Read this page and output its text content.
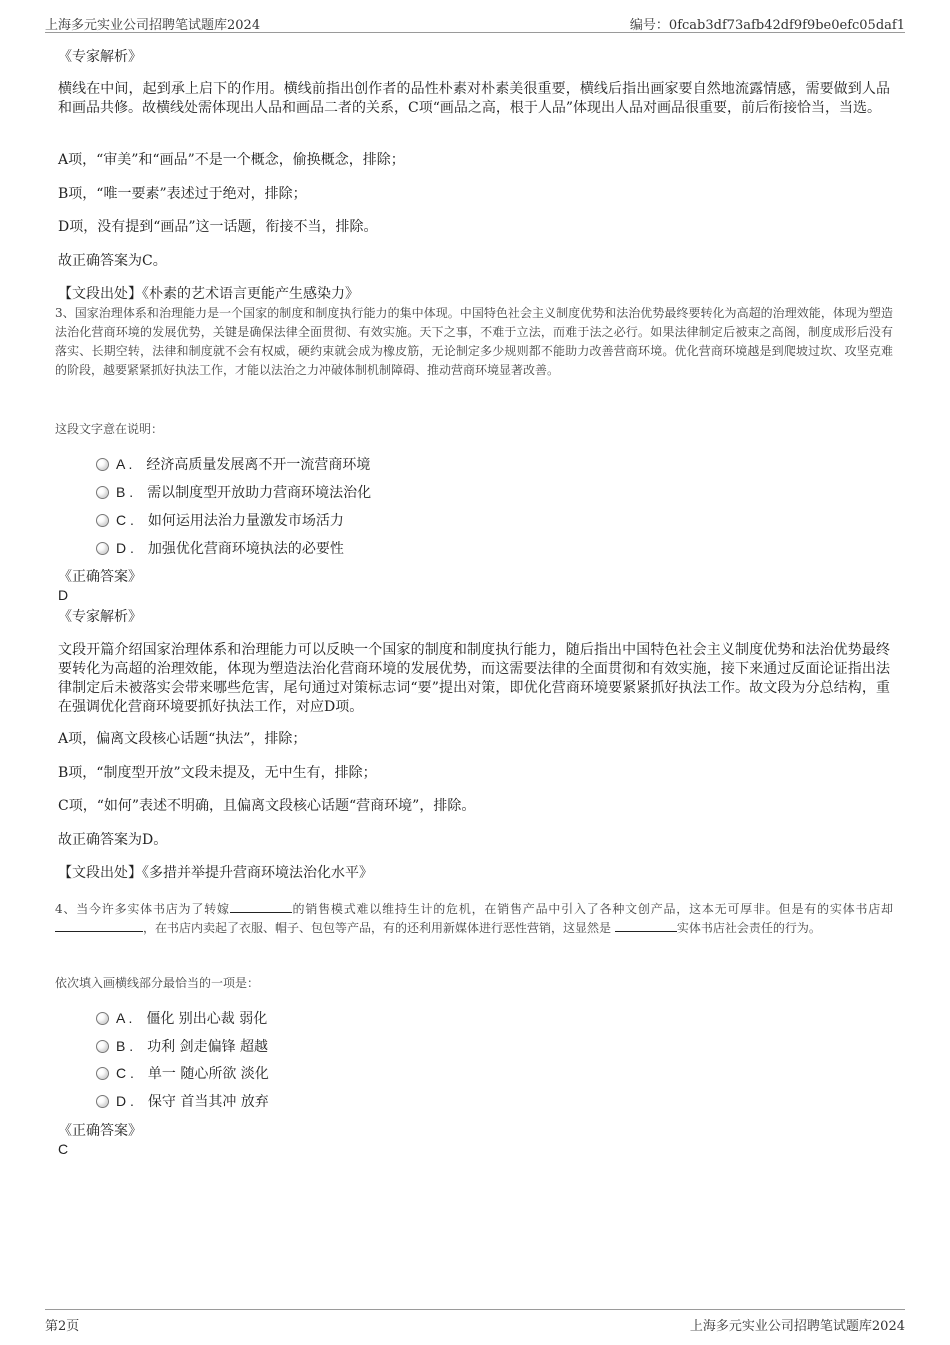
上海多元实业公司招聘笔试题库2024	编号：0fcab3df73afb42df9f9be0efc05daf1

《专家解析》

横线在中间，起到承上启下的作用。横线前指出创作者的品性朴素对朴素美很重要，横线后指出画家要自然地流露情感，需要做到人品和画品共修。故横线处需体现出人品和画品二者的关系，C项“画品之高，根于人品”体现出人品对画品很重要，前后衔接恰当，当选。

A项，“审美”和“画品”不是一个概念，偷换概念，排除；

B项，“唯一要素”表述过于绝对，排除；

D项，没有提到“画品”这一话题，衔接不当，排除。

故正确答案为C。

【文段出处】《朴素的艺术语言更能产生感染力》

3、国家治理体系和治理能力是一个国家的制度和制度执行能力的集中体现。中国特色社会主义制度优势和法治优势最终要转化为高超的治理效能，体现为塑造法治化营商环境的发展优势，关键是确保法律全面贯彻、有效实施。天下之事，不难于立法，而难于法之必行。如果法律制定后被束之高阁，制度成形后没有落实、长期空转，法律和制度就不会有权威，硬约束就会成为橡皮筋，无论制定多少规则都不能助力改善营商环境。优化营商环境越是到爬坡过坎、攻坚克难的阶段，越要紧紧抓好执法工作，才能以法治之力冲破体制机制障碍、推动营商环境显著改善。

这段文字意在说明：

A . 经济高质量发展离不开一流营商环境
B . 需以制度型开放助力营商环境法治化
C . 如何运用法治力量激发市场活力
D . 加强优化营商环境执法的必要性

《正确答案》

D

《专家解析》

文段开篇介绍国家治理体系和治理能力可以反映一个国家的制度和制度执行能力，随后指出中国特色社会主义制度优势和法治优势最终要转化为高超的治理效能，体现为塑造法治化营商环境的发展优势，而这需要法律的全面贯彻和有效实施，接下来通过反面论证指出法律制定后未被落实会带来哪些危害，尾句通过对策标志词“要”提出对策，即优化营商环境要紧紧抓好执法工作。故文段为分总结构，重在强调优化营商环境要抓好执法工作，对应D项。

A项，偏离文段核心话题“执法”，排除；

B项，“制度型开放”文段未提及，无中生有，排除；

C项，“如何”表述不明确，且偏离文段核心话题“营商环境”，排除。

故正确答案为D。

【文段出处】《多措并举提升营商环境法治化水平》

4、当今许多实体书店为了转嫁	的销售模式难以维持生计的危机，在销售产品中引入了各种文创产品，这本无可厚非。但是有的实体书店却 ，在书店内卖起了衣服、帽子、包包等产品，有的还利用新媒体进行恶性营销，这显然是	实体书店社会责任的行为。

依次填入画横线部分最恰当的一项是：

A . 僵化 别出心裁 弱化
B . 功利 剑走偏锋 超越
C . 单一 随心所欲 淡化
D . 保守 首当其冲 放弃

《正确答案》

C

第2页	上海多元实业公司招聘笔试题库2024
